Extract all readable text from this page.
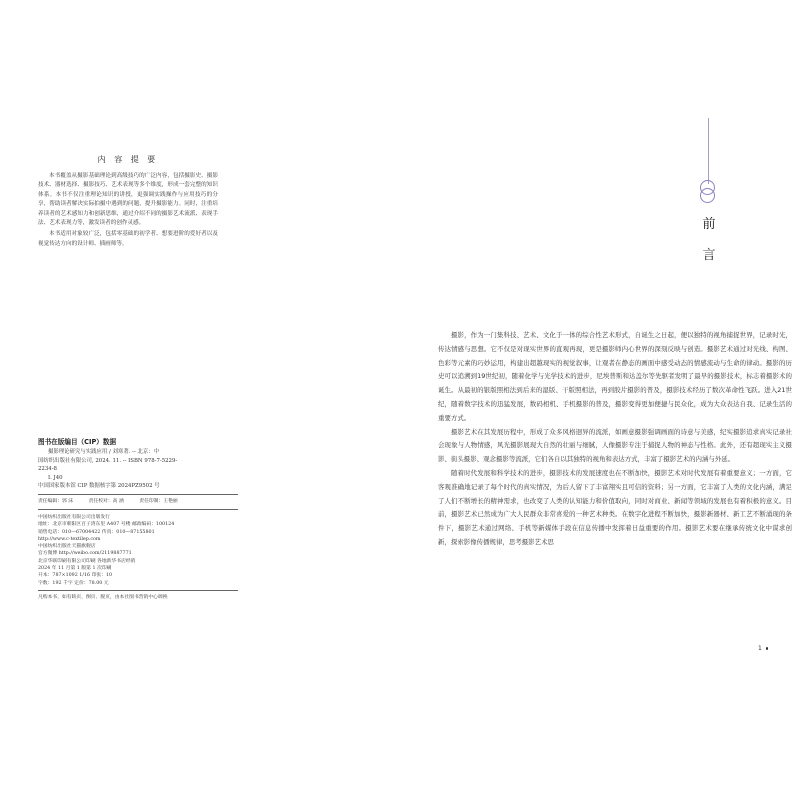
内 容 提 要

本书覆盖从摄影基础理论到高级技巧的广泛内容，包括摄影史、摄影技术、器材选择、摄影技巧、艺术表现等多个维度，形成一套完整的知识体系。本书不仅注重理论知识的讲授，更强调实践操作与应用技巧的分享，帮助读者解决实际拍摄中遇到的问题，提升摄影能力。同时，注重培养读者的艺术感知力和创新思维，通过介绍不同的摄影艺术流派、表现手法、艺术表现力等，激发读者的创作灵感。

本书适用对象较广泛，包括零基础的初学者、想要进阶的爱好者以及视觉传达方向的设计师、插画师等。

图书在版编目（CIP）数据
摄影理论研究与实践应用 / 刘寒著. -- 北京：中
国纺织出版社有限公司, 2024. 11. -- ISBN 978-7-5229-
2234-8
Ⅰ. J40
中国国家版本馆 CIP 数据核字第 2024PZ9502 号
责任编辑：郭 沫	责任校对：高 涵	责任印制：王艳丽
中国纺织出版社有限公司出版发行
地址：北京市朝阳区百子湾东里 A407 号楼 邮政编码：100124
销售电话：010—67004422 传真：010—87155801
http://www.c-textilep.com
中国纺织出版社天猫旗舰店
官方微博 http://weibo.com/2119887771
北京华联印刷有限公司印刷 各地新华书店经销
2024 年 11 月第 1 版第 1 次印刷
开本：787×1092 1/16 印张：10
字数：192 千字 定价：78.00 元
凡购本书，如有缺页、倒页、脱页，由本社图书营销中心调换
前
言

摄影，作为一门集科技、艺术、文化于一体的综合性艺术形式，自诞生之日起，便以独特的视角捕捉世界，记录时光，传达情感与思想。它不仅是对现实世界的直观再现，更是摄影师内心世界的深刻反映与创造。摄影艺术通过对光线、构图、色彩等元素的巧妙运用，构建出超越现实的视觉叙事，让观者在静态的画面中感受动态的情感流动与生命的律动。摄影的历史可以追溯到19世纪初，随着化学与光学技术的进步，尼埃普斯和达盖尔等先驱者发明了最早的摄影技术，标志着摄影术的诞生。从最初的银版照相法到后来的湿版、干版照相法，再到胶片摄影的普及，摄影技术经历了数次革命性飞跃。进入21世纪，随着数字技术的迅猛发展，数码相机、手机摄影的普及，摄影变得更加便捷与民众化，成为大众表达自我、记录生活的重要方式。

摄影艺术在其发展历程中，形成了众多风格迥异的流派，如画意摄影强调画面的诗意与美感，纪实摄影追求真实记录社会现象与人物情感，风光摄影展现大自然的壮丽与细腻，人像摄影专注于捕捉人物的神态与性格。此外，还有超现实主义摄影、街头摄影、观念摄影等流派，它们各自以其独特的视角和表达方式，丰富了摄影艺术的内涵与外延。

随着时代发展和科学技术的进步，摄影技术的发展速度也在不断加快，摄影艺术对时代发展有着重要意义；一方面，它客观准确地记录了每个时代的真实情况，为后人留下了丰富翔实且可信的资料；另一方面，它丰富了人类的文化内涵，满足了人们不断增长的精神需求，也改变了人类的认知能力和价值取向，同时对商业、新闻等领域的发展也有着积极的意义。目前，摄影艺术已然成为广大人民群众非常喜爱的一种艺术种类。在数字化进程不断加快，摄影新器材、新工艺不断涌现的条件下，摄影艺术通过网络、手机等新媒体手段在信息传播中发挥着日益重要的作用。摄影艺术要在继承传统文化中谋求创新，探索影像传播规律，思考摄影艺术思

1
